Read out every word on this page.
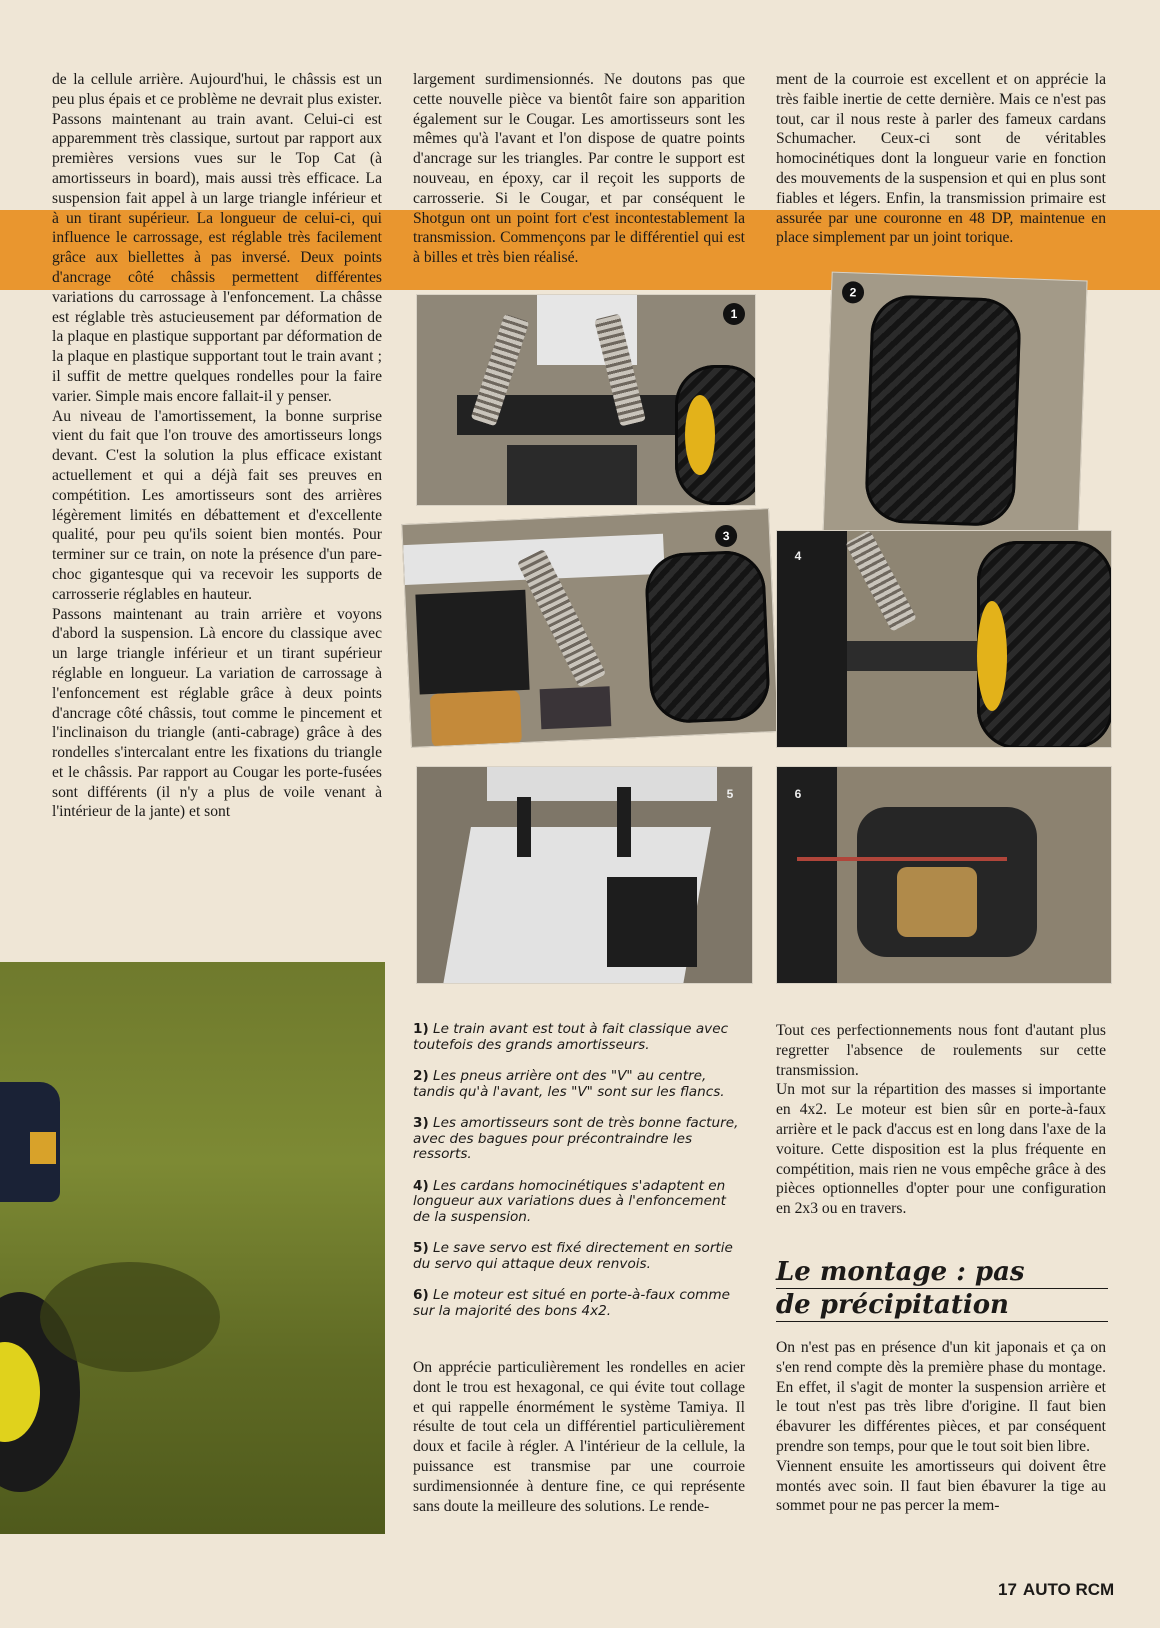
de la cellule arrière. Aujourd'hui, le châssis est un peu plus épais et ce problème ne devrait plus exister. Passons maintenant au train avant. Celui-ci est apparemment très classique, surtout par rapport aux premières versions vues sur le Top Cat (à amortisseurs in board), mais aussi très efficace. La suspension fait appel à un large triangle inférieur et à un tirant supérieur. La longueur de celui-ci, qui influence le carrossage, est réglable très facilement grâce aux biellettes à pas inversé. Deux points d'ancrage côté châssis permettent différentes variations du carrossage à l'enfoncement. La châsse est réglable très astucieusement par déformation de la plaque en plastique supportant par déformation de la plaque en plastique supportant tout le train avant ; il suffit de mettre quelques rondelles pour la faire varier. Simple mais encore fallait-il y penser.

Au niveau de l'amortissement, la bonne surprise vient du fait que l'on trouve des amortisseurs longs devant. C'est la solution la plus efficace existant actuellement et qui a déjà fait ses preuves en compétition. Les amortisseurs sont des arrières légèrement limités en débattement et d'excellente qualité, pour peu qu'ils soient bien montés. Pour terminer sur ce train, on note la présence d'un pare-choc gigantesque qui va recevoir les supports de carrosserie réglables en hauteur.

Passons maintenant au train arrière et voyons d'abord la suspension. Là encore du classique avec un large triangle inférieur et un tirant supérieur réglable en longueur. La variation de carrossage à l'enfoncement est réglable grâce à deux points d'ancrage côté châssis, tout comme le pincement et l'inclinaison du triangle (anti-cabrage) grâce à des rondelles s'intercalant entre les fixations du triangle et le châssis. Par rapport au Cougar les porte-fusées sont différents (il n'y a plus de voile venant à l'intérieur de la jante) et sont

largement surdimensionnés. Ne doutons pas que cette nouvelle pièce va bientôt faire son apparition également sur le Cougar. Les amortisseurs sont les mêmes qu'à l'avant et l'on dispose de quatre points d'ancrage sur les triangles. Par contre le support est nouveau, en époxy, car il reçoit les supports de carrosserie. Si le Cougar, et par conséquent le Shotgun ont un point fort c'est incontestablement la transmission. Commençons par le différentiel qui est à billes et très bien réalisé.

ment de la courroie est excellent et on apprécie la très faible inertie de cette dernière. Mais ce n'est pas tout, car il nous reste à parler des fameux cardans Schumacher. Ceux-ci sont de véritables homocinétiques dont la longueur varie en fonction des mouvements de la suspension et qui en plus sont fiables et légers. Enfin, la transmission primaire est assurée par une couronne en 48 DP, maintenue en place simplement par un joint torique.

1
2
3
4
5	6

1) Le train avant est tout à fait classique avec toutefois des grands amortisseurs.

2) Les pneus arrière ont des "V" au centre, tandis qu'à l'avant, les "V" sont sur les flancs.

3) Les amortisseurs sont de très bonne facture, avec des bagues pour précontraindre les ressorts.

4) Les cardans homocinétiques s'adaptent en longueur aux variations dues à l'enfoncement de la suspension.

5) Le save servo est fixé directement en sortie du servo qui attaque deux renvois.

6) Le moteur est situé en porte-à-faux comme sur la majorité des bons 4x2.

On apprécie particulièrement les rondelles en acier dont le trou est hexagonal, ce qui évite tout collage et qui rappelle énormément le système Tamiya. Il résulte de tout cela un différentiel particulièrement doux et facile à régler. A l'intérieur de la cellule, la puissance est transmise par une courroie surdimensionnée à denture fine, ce qui représente sans doute la meilleure des solutions. Le rende-

Tout ces perfectionnements nous font d'autant plus regretter l'absence de roulements sur cette transmission.

Un mot sur la répartition des masses si importante en 4x2. Le moteur est bien sûr en porte-à-faux arrière et le pack d'accus est en long dans l'axe de la voiture. Cette disposition est la plus fréquente en compétition, mais rien ne vous empêche grâce à des pièces optionnelles d'opter pour une configuration en 2x3 ou en travers.

Le montage : pas
de précipitation

On n'est pas en présence d'un kit japonais et ça on s'en rend compte dès la première phase du montage. En effet, il s'agit de monter la suspension arrière et le tout n'est pas très libre d'origine. Il faut bien ébavurer les différentes pièces, et par conséquent prendre son temps, pour que le tout soit bien libre.

Viennent ensuite les amortisseurs qui doivent être montés avec soin. Il faut bien ébavurer la tige au sommet pour ne pas percer la mem-

17 AUTO RCM
